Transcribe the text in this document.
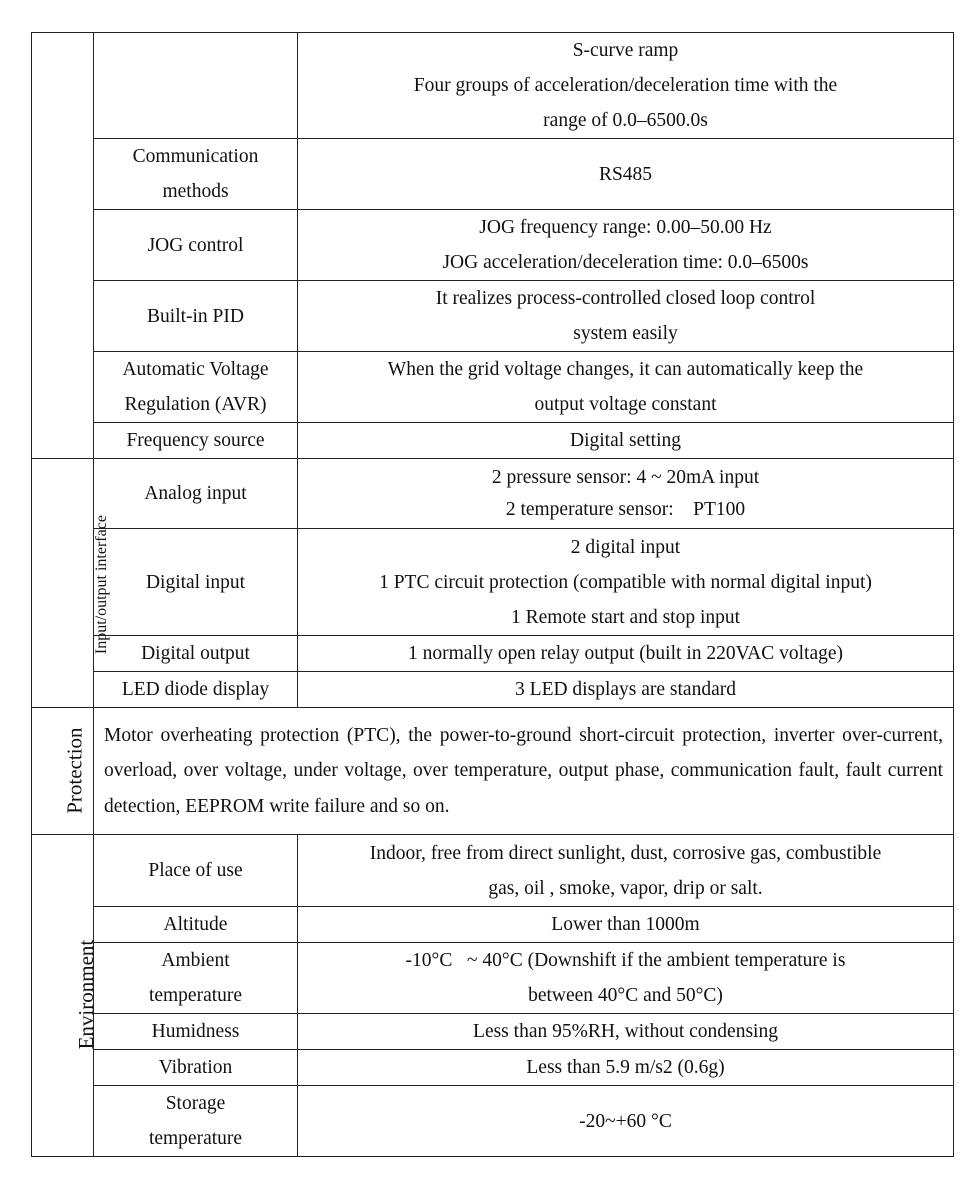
		S-curve ramp
Four groups of acceleration/deceleration time with the
range of 0.0–6500.0s

	Communication
methods	RS485

	JOG control	JOG frequency range: 0.00–50.00 Hz
JOG acceleration/deceleration time: 0.0–6500s

	Built-in PID	It realizes process-controlled closed loop control
system easily

	Automatic Voltage
Regulation (AVR)	When the grid voltage changes, it can automatically keep the
output voltage constant

	Frequency source	Digital setting

Input/output interface	Analog input	2 pressure sensor: 4 ~ 20mA input
2 temperature sensor:    PT100

	Digital input	2 digital input
1 PTC circuit protection (compatible with normal digital input)
1 Remote start and stop input

	Digital output	1 normally open relay output (built in 220VAC voltage)

	LED diode display	3 LED displays are standard

Protection	Motor overheating protection (PTC), the power-to-ground short-circuit protection, inverter over-current, overload, over voltage, under voltage, over temperature, output phase, communication fault, fault current detection, EEPROM write failure and so on.	
Environment	Place of use	Indoor, free from direct sunlight, dust, corrosive gas, combustible
gas, oil , smoke, vapor, drip or salt.

	Altitude	Lower than 1000m

	Ambient
temperature	-10°C   ~ 40°C (Downshift if the ambient temperature is
between 40°C and 50°C)

	Humidness	Less than 95%RH, without condensing

	Vibration	Less than 5.9 m/s2 (0.6g)

	Storage
temperature	-20~+60 °C
